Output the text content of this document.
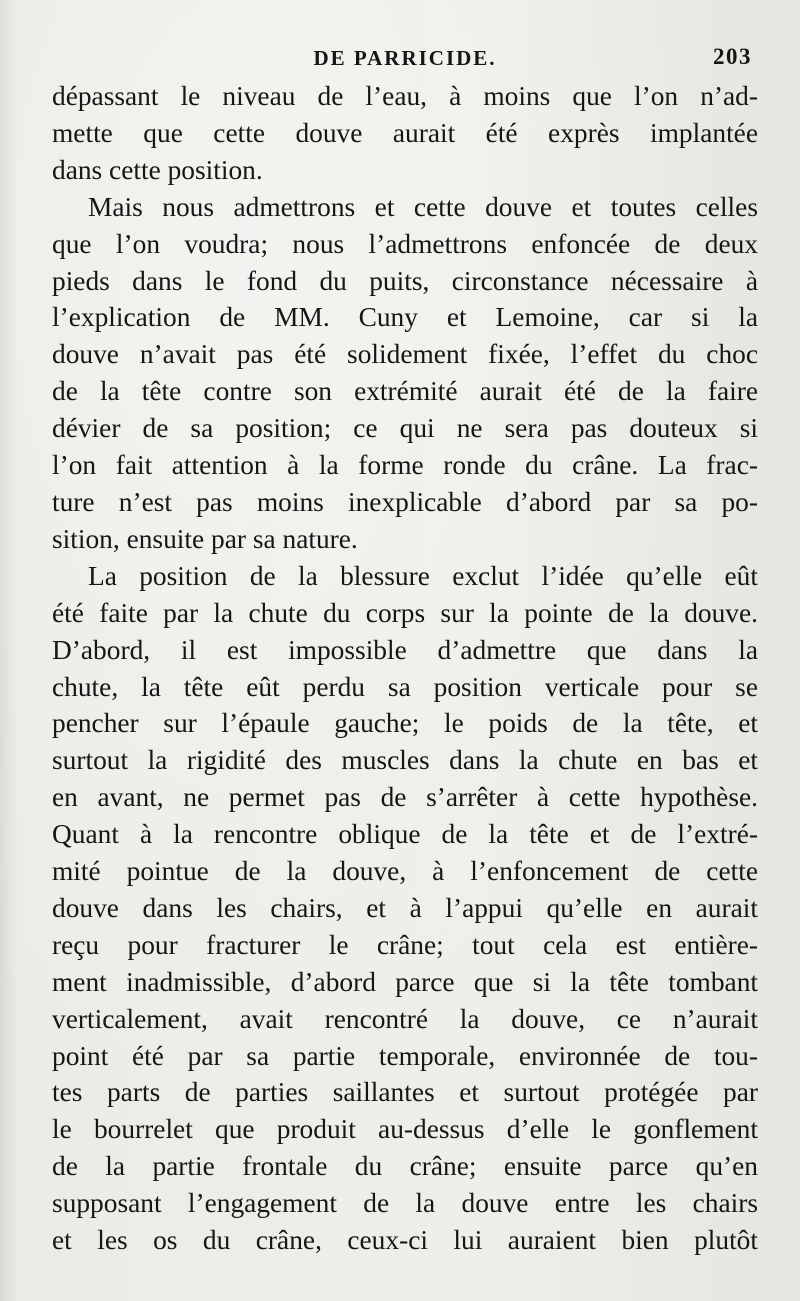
DE PARRICIDE.	203
dépassant le niveau de l’eau, à moins que l’on n’ad-
mette que cette douve aurait été exprès implantée
dans cette position.
Mais nous admettrons et cette douve et toutes celles
que l’on voudra; nous l’admettrons enfoncée de deux
pieds dans le fond du puits, circonstance nécessaire à
l’explication de MM. Cuny et Lemoine, car si la
douve n’avait pas été solidement fixée, l’effet du choc
de la tête contre son extrémité aurait été de la faire
dévier de sa position; ce qui ne sera pas douteux si
l’on fait attention à la forme ronde du crâne. La frac-
ture n’est pas moins inexplicable d’abord par sa po-
sition, ensuite par sa nature.
La position de la blessure exclut l’idée qu’elle eût
été faite par la chute du corps sur la pointe de la douve.
D’abord, il est impossible d’admettre que dans la
chute, la tête eût perdu sa position verticale pour se
pencher sur l’épaule gauche; le poids de la tête, et
surtout la rigidité des muscles dans la chute en bas et
en avant, ne permet pas de s’arrêter à cette hypothèse.
Quant à la rencontre oblique de la tête et de l’extré-
mité pointue de la douve, à l’enfoncement de cette
douve dans les chairs, et à l’appui qu’elle en aurait
reçu pour fracturer le crâne; tout cela est entière-
ment inadmissible, d’abord parce que si la tête tombant
verticalement, avait rencontré la douve, ce n’aurait
point été par sa partie temporale, environnée de tou-
tes parts de parties saillantes et surtout protégée par
le bourrelet que produit au-dessus d’elle le gonflement
de la partie frontale du crâne; ensuite parce qu’en
supposant l’engagement de la douve entre les chairs
et les os du crâne, ceux-ci lui auraient bien plutôt
